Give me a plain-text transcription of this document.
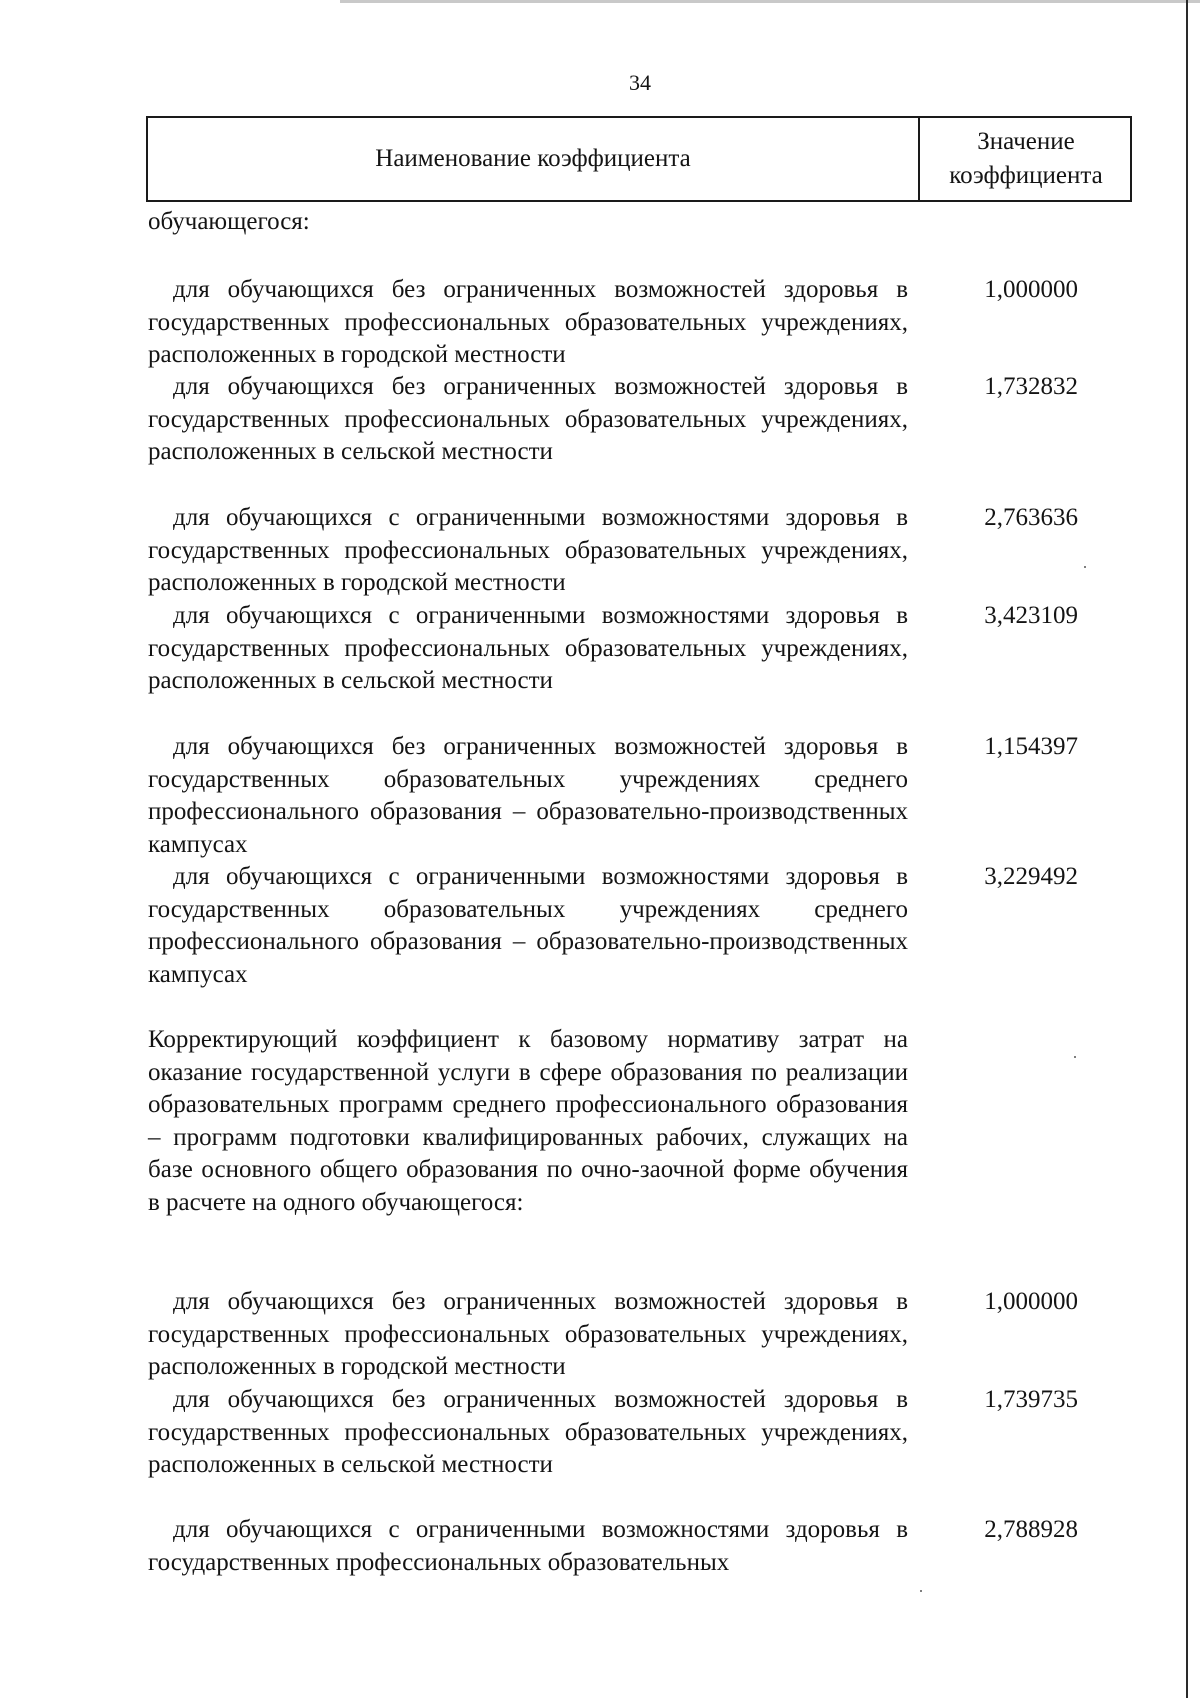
34
Наименование коэффициента
Значение коэффициента
обучающегося:
для обучающихся без ограниченных возможностей здоровья в государственных профессиональных образовательных учреждениях, расположенных в городской местности
1,000000
для обучающихся без ограниченных возможностей здоровья в государственных профессиональных образовательных учреждениях, расположенных в сельской местности
1,732832
для обучающихся с ограниченными возможностями здоровья в государственных профессиональных образовательных учреждениях, расположенных в городской местности
2,763636
для обучающихся с ограниченными возможностями здоровья в государственных профессиональных образовательных учреждениях, расположенных в сельской местности
3,423109
для обучающихся без ограниченных возможностей здоровья в государственных образовательных учреждениях среднего профессионального образования – образовательно-производственных кампусах
1,154397
для обучающихся с ограниченными возможностями здоровья в государственных образовательных учреждениях среднего профессионального образования – образовательно-производственных кампусах
3,229492
Корректирующий коэффициент к базовому нормативу затрат на оказание государственной услуги в сфере образования по реализации образовательных программ среднего профессионального образования – программ подготовки квалифицированных рабочих, служащих на базе основного общего образования по очно-заочной форме обучения в расчете на одного обучающегося:
для обучающихся без ограниченных возможностей здоровья в государственных профессиональных образовательных учреждениях, расположенных в городской местности
1,000000
для обучающихся без ограниченных возможностей здоровья в государственных профессиональных образовательных учреждениях, расположенных в сельской местности
1,739735
для обучающихся с ограниченными возможностями здоровья в государственных профессиональных образовательных
2,788928
